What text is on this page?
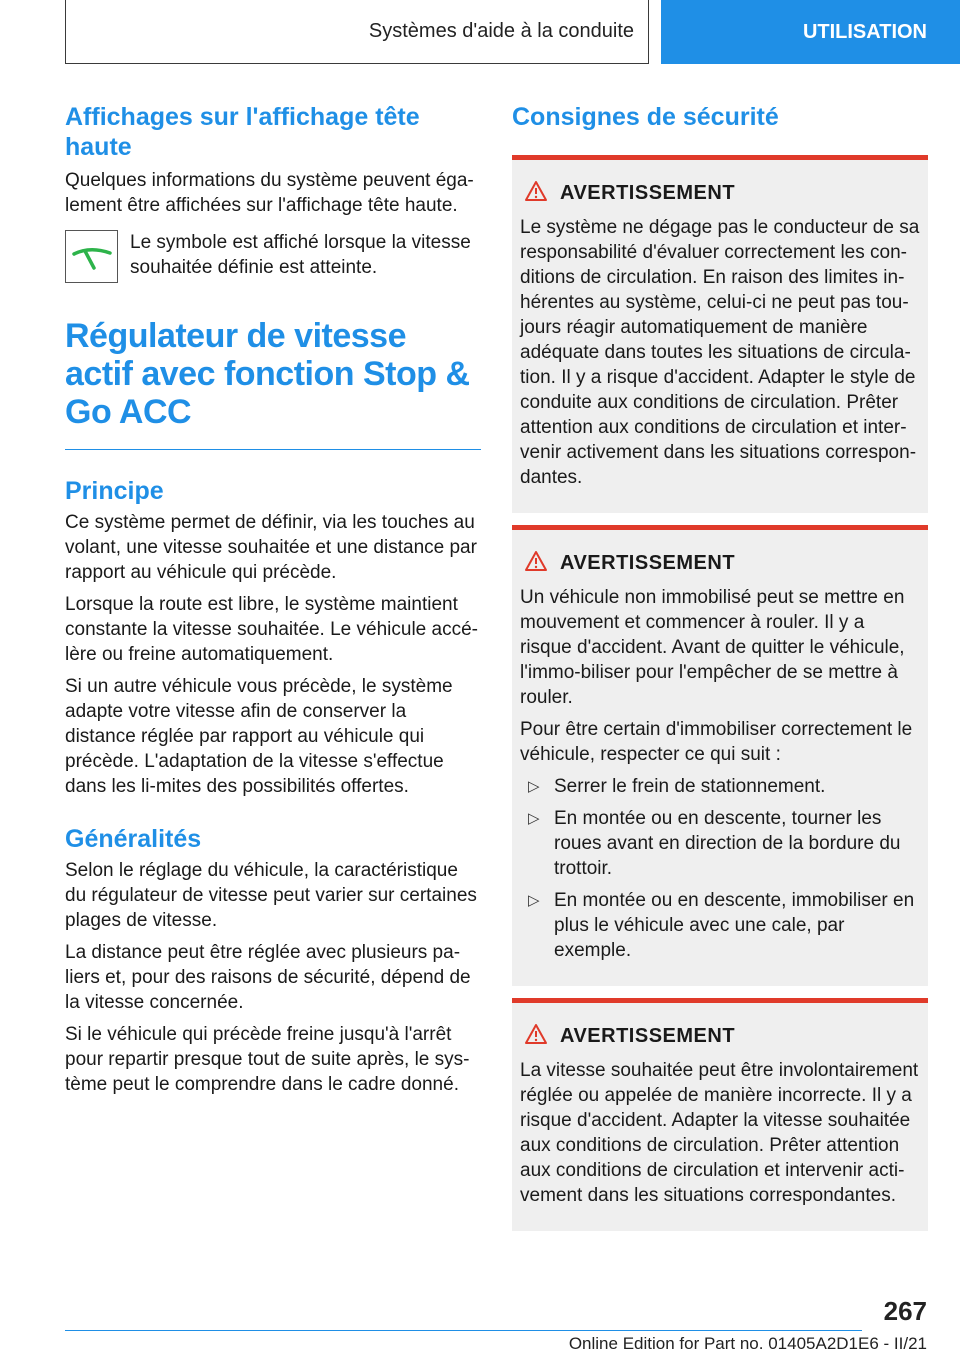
Systèmes d'aide à la conduite	UTILISATION
Affichages sur l'affichage tête haute

Quelques informations du système peuvent éga-lement être affichées sur l'affichage tête haute.

Le symbole est affiché lorsque la vitesse souhaitée définie est atteinte.
Régulateur de vitesse actif avec fonction Stop & Go ACC
Principe

Ce système permet de définir, via les touches au volant, une vitesse souhaitée et une distance par rapport au véhicule qui précède.

Lorsque la route est libre, le système maintient constante la vitesse souhaitée. Le véhicule accé-lère ou freine automatiquement.

Si un autre véhicule vous précède, le système adapte votre vitesse afin de conserver la distance réglée par rapport au véhicule qui précède. L'adaptation de la vitesse s'effectue dans les li-mites des possibilités offertes.

Généralités

Selon le réglage du véhicule, la caractéristique du régulateur de vitesse peut varier sur certaines plages de vitesse.

La distance peut être réglée avec plusieurs pa-liers et, pour des raisons de sécurité, dépend de la vitesse concernée.

Si le véhicule qui précède freine jusqu'à l'arrêt pour repartir presque tout de suite après, le sys-tème peut le comprendre dans le cadre donné.

Consignes de sécurité
AVERTISSEMENT

Le système ne dégage pas le conducteur de sa responsabilité d'évaluer correctement les con-ditions de circulation. En raison des limites in-hérentes au système, celui-ci ne peut pas tou-jours réagir automatiquement de manière adéquate dans toutes les situations de circula-tion. Il y a risque d'accident. Adapter le style de conduite aux conditions de circulation. Prêter attention aux conditions de circulation et inter-venir activement dans les situations correspon-dantes.

AVERTISSEMENT

Un véhicule non immobilisé peut se mettre en mouvement et commencer à rouler. Il y a risque d'accident. Avant de quitter le véhicule, l'immo-biliser pour l'empêcher de se mettre à rouler.

Pour être certain d'immobiliser correctement le véhicule, respecter ce qui suit :

▷ Serrer le frein de stationnement.
▷ En montée ou en descente, tourner les roues avant en direction de la bordure du trottoir.
▷ En montée ou en descente, immobiliser en plus le véhicule avec une cale, par exemple.
AVERTISSEMENT

La vitesse souhaitée peut être involontairement réglée ou appelée de manière incorrecte. Il y a risque d'accident. Adapter la vitesse souhaitée aux conditions de circulation. Prêter attention aux conditions de circulation et intervenir acti-vement dans les situations correspondantes.

267
Online Edition for Part no. 01405A2D1E6 - II/21
